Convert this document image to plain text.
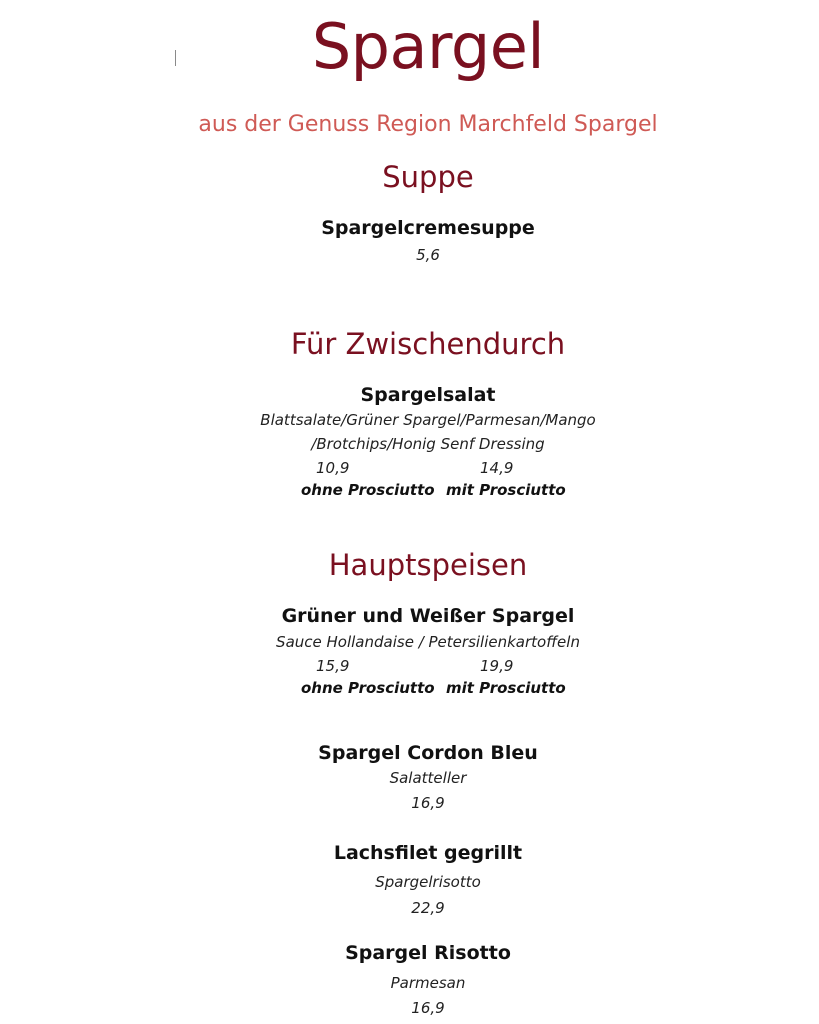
Spargel
aus der Genuss Region Marchfeld Spargel
Suppe
Spargelcremesuppe
5,6
Für Zwischendurch
Spargelsalat
Blattsalate/Grüner Spargel/Parmesan/Mango
/Brotchips/Honig Senf Dressing
10,9	14,9
ohne Prosciutto mit Prosciutto
Hauptspeisen
Grüner und Weißer Spargel
Sauce Hollandaise / Petersilienkartoffeln
15,9	19,9
ohne Prosciutto mit Prosciutto
Spargel Cordon Bleu
Salatteller
16,9
Lachsfilet gegrillt
Spargelrisotto
22,9
Spargel Risotto
Parmesan
16,9
